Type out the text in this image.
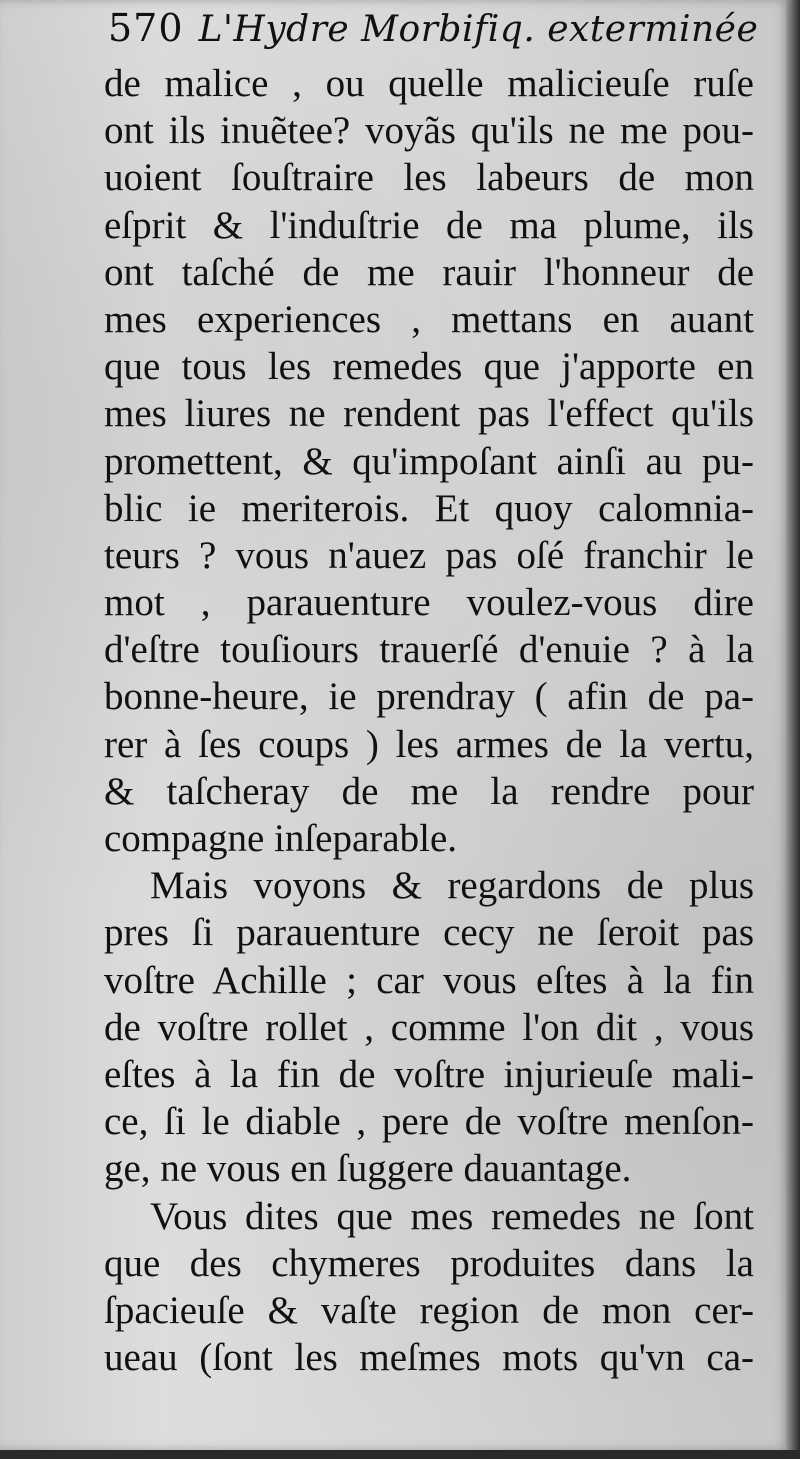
570 L'Hydre Morbifiq. exterminée
de malice , ou quelle malicieuſe ruſe
ont ils inuẽtee? voyãs qu'ils ne me pou-
uoient ſouſtraire les labeurs de mon
eſprit & l'induſtrie de ma plume, ils
ont taſché de me rauir l'honneur de
mes experiences , mettans en auant
que tous les remedes que j'apporte en
mes liures ne rendent pas l'effect qu'ils
promettent, & qu'impoſant ainſi au pu-
blic ie meriterois. Et quoy calomnia-
teurs ? vous n'auez pas oſé franchir le
mot , parauenture voulez-vous dire
d'eſtre touſiours trauerſé d'enuie ? à la
bonne-heure, ie prendray ( afin de pa-
rer à ſes coups ) les armes de la vertu,
& taſcheray de me la rendre pour
compagne inſeparable.
Mais voyons & regardons de plus
pres ſi parauenture cecy ne ſeroit pas
voſtre Achille ; car vous eſtes à la fin
de voſtre rollet , comme l'on dit , vous
eſtes à la fin de voſtre injurieuſe mali-
ce, ſi le diable , pere de voſtre menſon-
ge, ne vous en ſuggere dauantage.
Vous dites que mes remedes ne ſont
que des chymeres produites dans la
ſpacieuſe & vaſte region de mon cer-
ueau (ſont les meſmes mots qu'vn ca-
